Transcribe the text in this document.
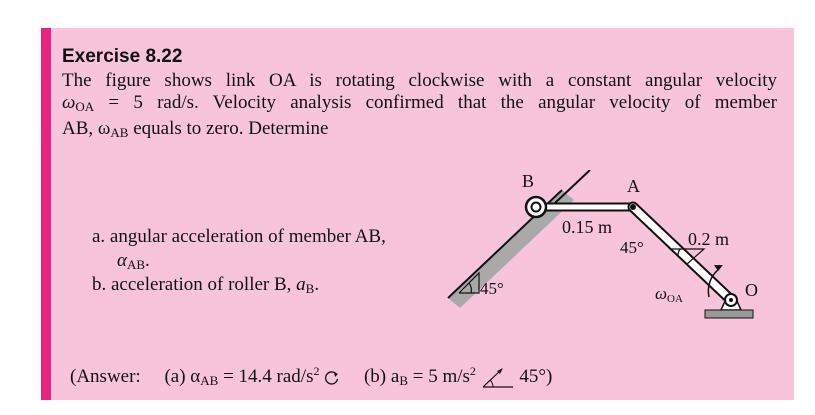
Exercise 8.22
The figure shows link OA is rotating clockwise with a constant angular velocity
$\omega_{OA} = 5$ rad/s. Velocity analysis confirmed that the angular velocity of member
AB, $\omega_{AB}$ equals to zero. Determine
a. angular acceleration of member AB,
$\alpha_{AB}$.
b. acceleration of roller B, $a_B$.
B	A
O
0.15 m
0.2 m
45°
45°	ωOA
(Answer: (a) $\alpha_{AB} = 14.4$ rad/$s^2$ (b) $a_B = 5$ $m/s^2$ 45°)
